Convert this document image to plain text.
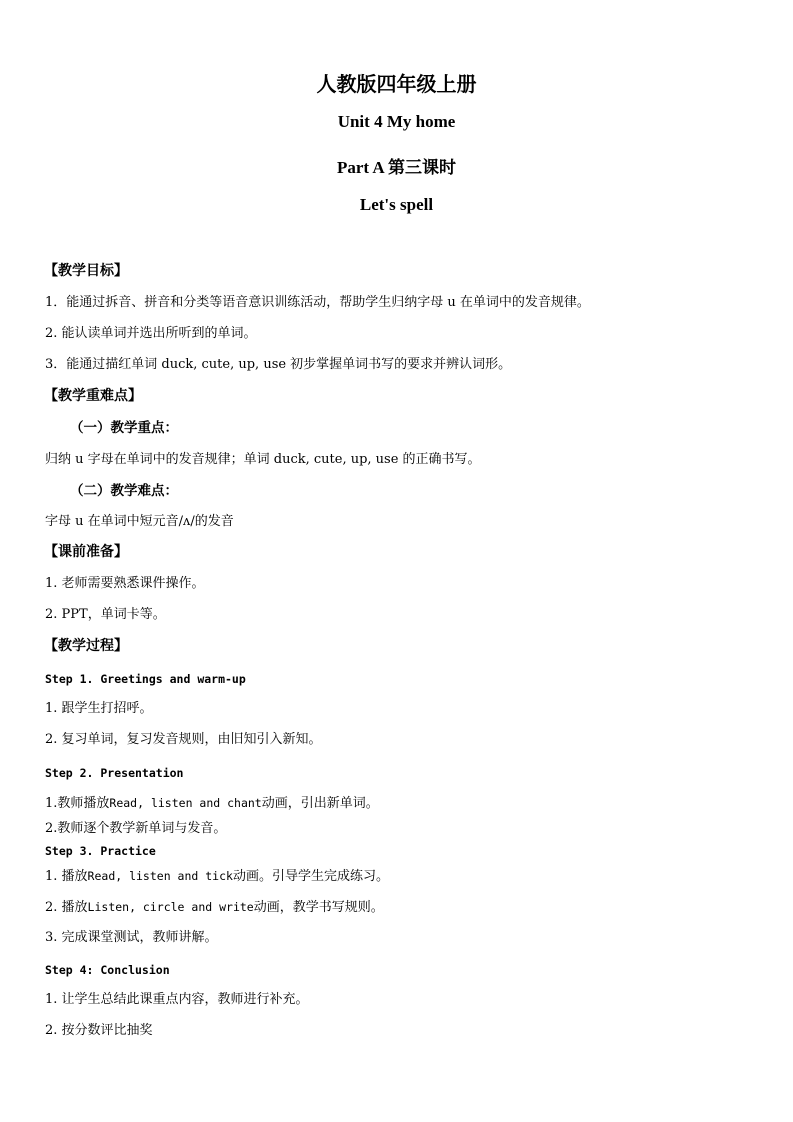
人教版四年级上册
Unit 4 My home
Part A 第三课时
Let's spell
【教学目标】
1．能通过拆音、拼音和分类等语音意识训练活动，帮助学生归纳字母 u 在单词中的发音规律。
2. 能认读单词并选出所听到的单词。
3．能通过描红单词 duck, cute, up, use 初步掌握单词书写的要求并辨认词形。
【教学重难点】
（一）教学重点：
归纳 u 字母在单词中的发音规律；单词 duck, cute, up, use 的正确书写。
（二）教学难点：
字母 u 在单词中短元音/ʌ/的发音
【课前准备】
1. 老师需要熟悉课件操作。
2. PPT，单词卡等。
【教学过程】
Step 1. Greetings and warm-up
1. 跟学生打招呼。
2. 复习单词，复习发音规则，由旧知引入新知。
Step 2. Presentation
1.教师播放Read, listen and chant动画，引出新单词。
2.教师逐个教学新单词与发音。
Step 3. Practice
1. 播放Read, listen and tick动画。引导学生完成练习。
2. 播放Listen, circle and write动画，教学书写规则。
3. 完成课堂测试，教师讲解。
Step 4: Conclusion
1. 让学生总结此课重点内容，教师进行补充。
2. 按分数评比抽奖
